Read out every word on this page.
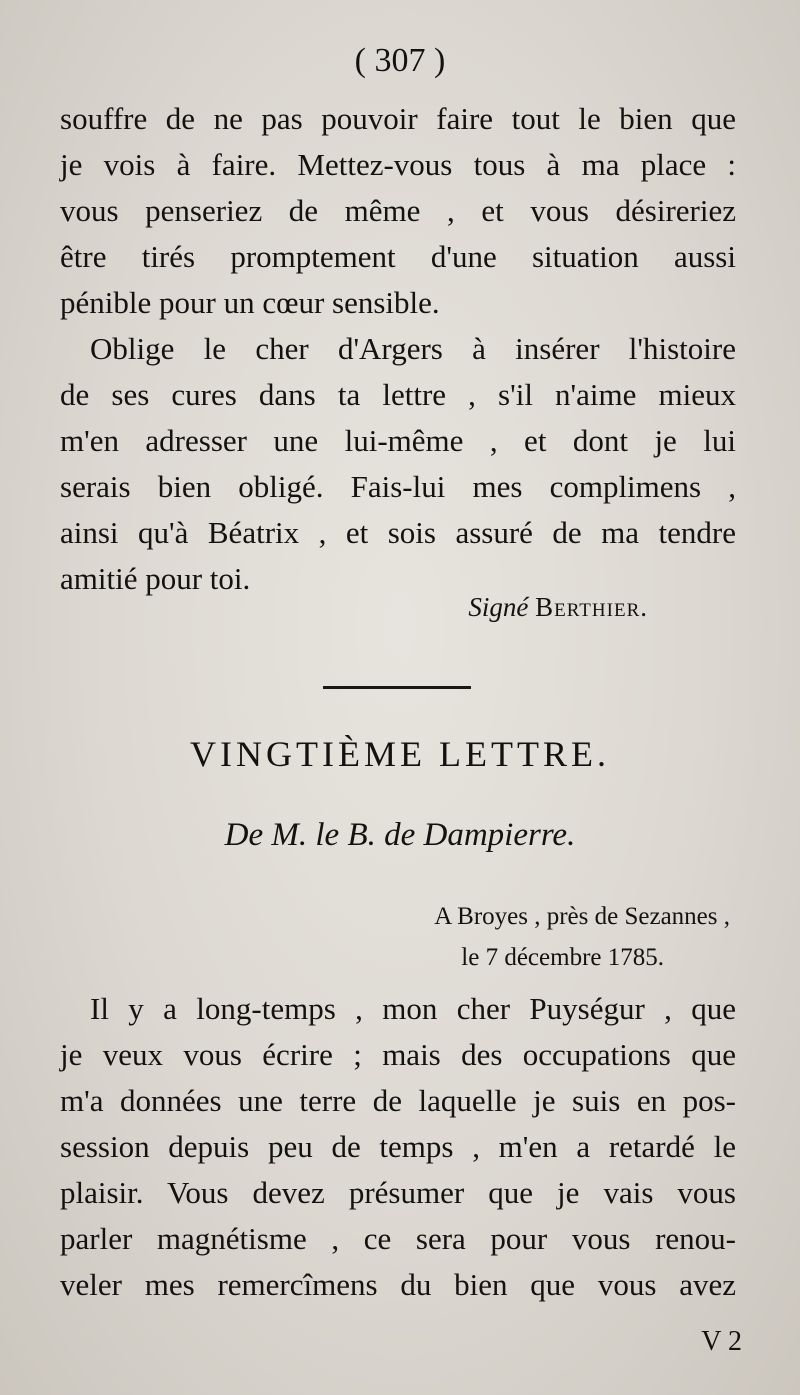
( 307 )
souffre de ne pas pouvoir faire tout le bien que
je vois à faire. Mettez-vous tous à ma place :
vous penseriez de même , et vous désireriez
être tirés promptement d'une situation aussi
pénible pour un cœur sensible.
Oblige le cher d'Argers à insérer l'histoire
de ses cures dans ta lettre , s'il n'aime mieux
m'en adresser une lui-même , et dont je lui
serais bien obligé. Fais-lui mes complimens ,
ainsi qu'à Béatrix , et sois assuré de ma tendre
amitié pour toi.
Signé Berthier.
VINGTIÈME LETTRE.
De M. le B. de Dampierre.
A Broyes , près de Sezannes ,
le 7 décembre 1785.
Il y a long-temps , mon cher Puységur , que
je veux vous écrire ; mais des occupations que
m'a données une terre de laquelle je suis en pos-
session depuis peu de temps , m'en a retardé le
plaisir. Vous devez présumer que je vais vous
parler magnétisme , ce sera pour vous renou-
veler mes remercîmens du bien que vous avez
V 2
